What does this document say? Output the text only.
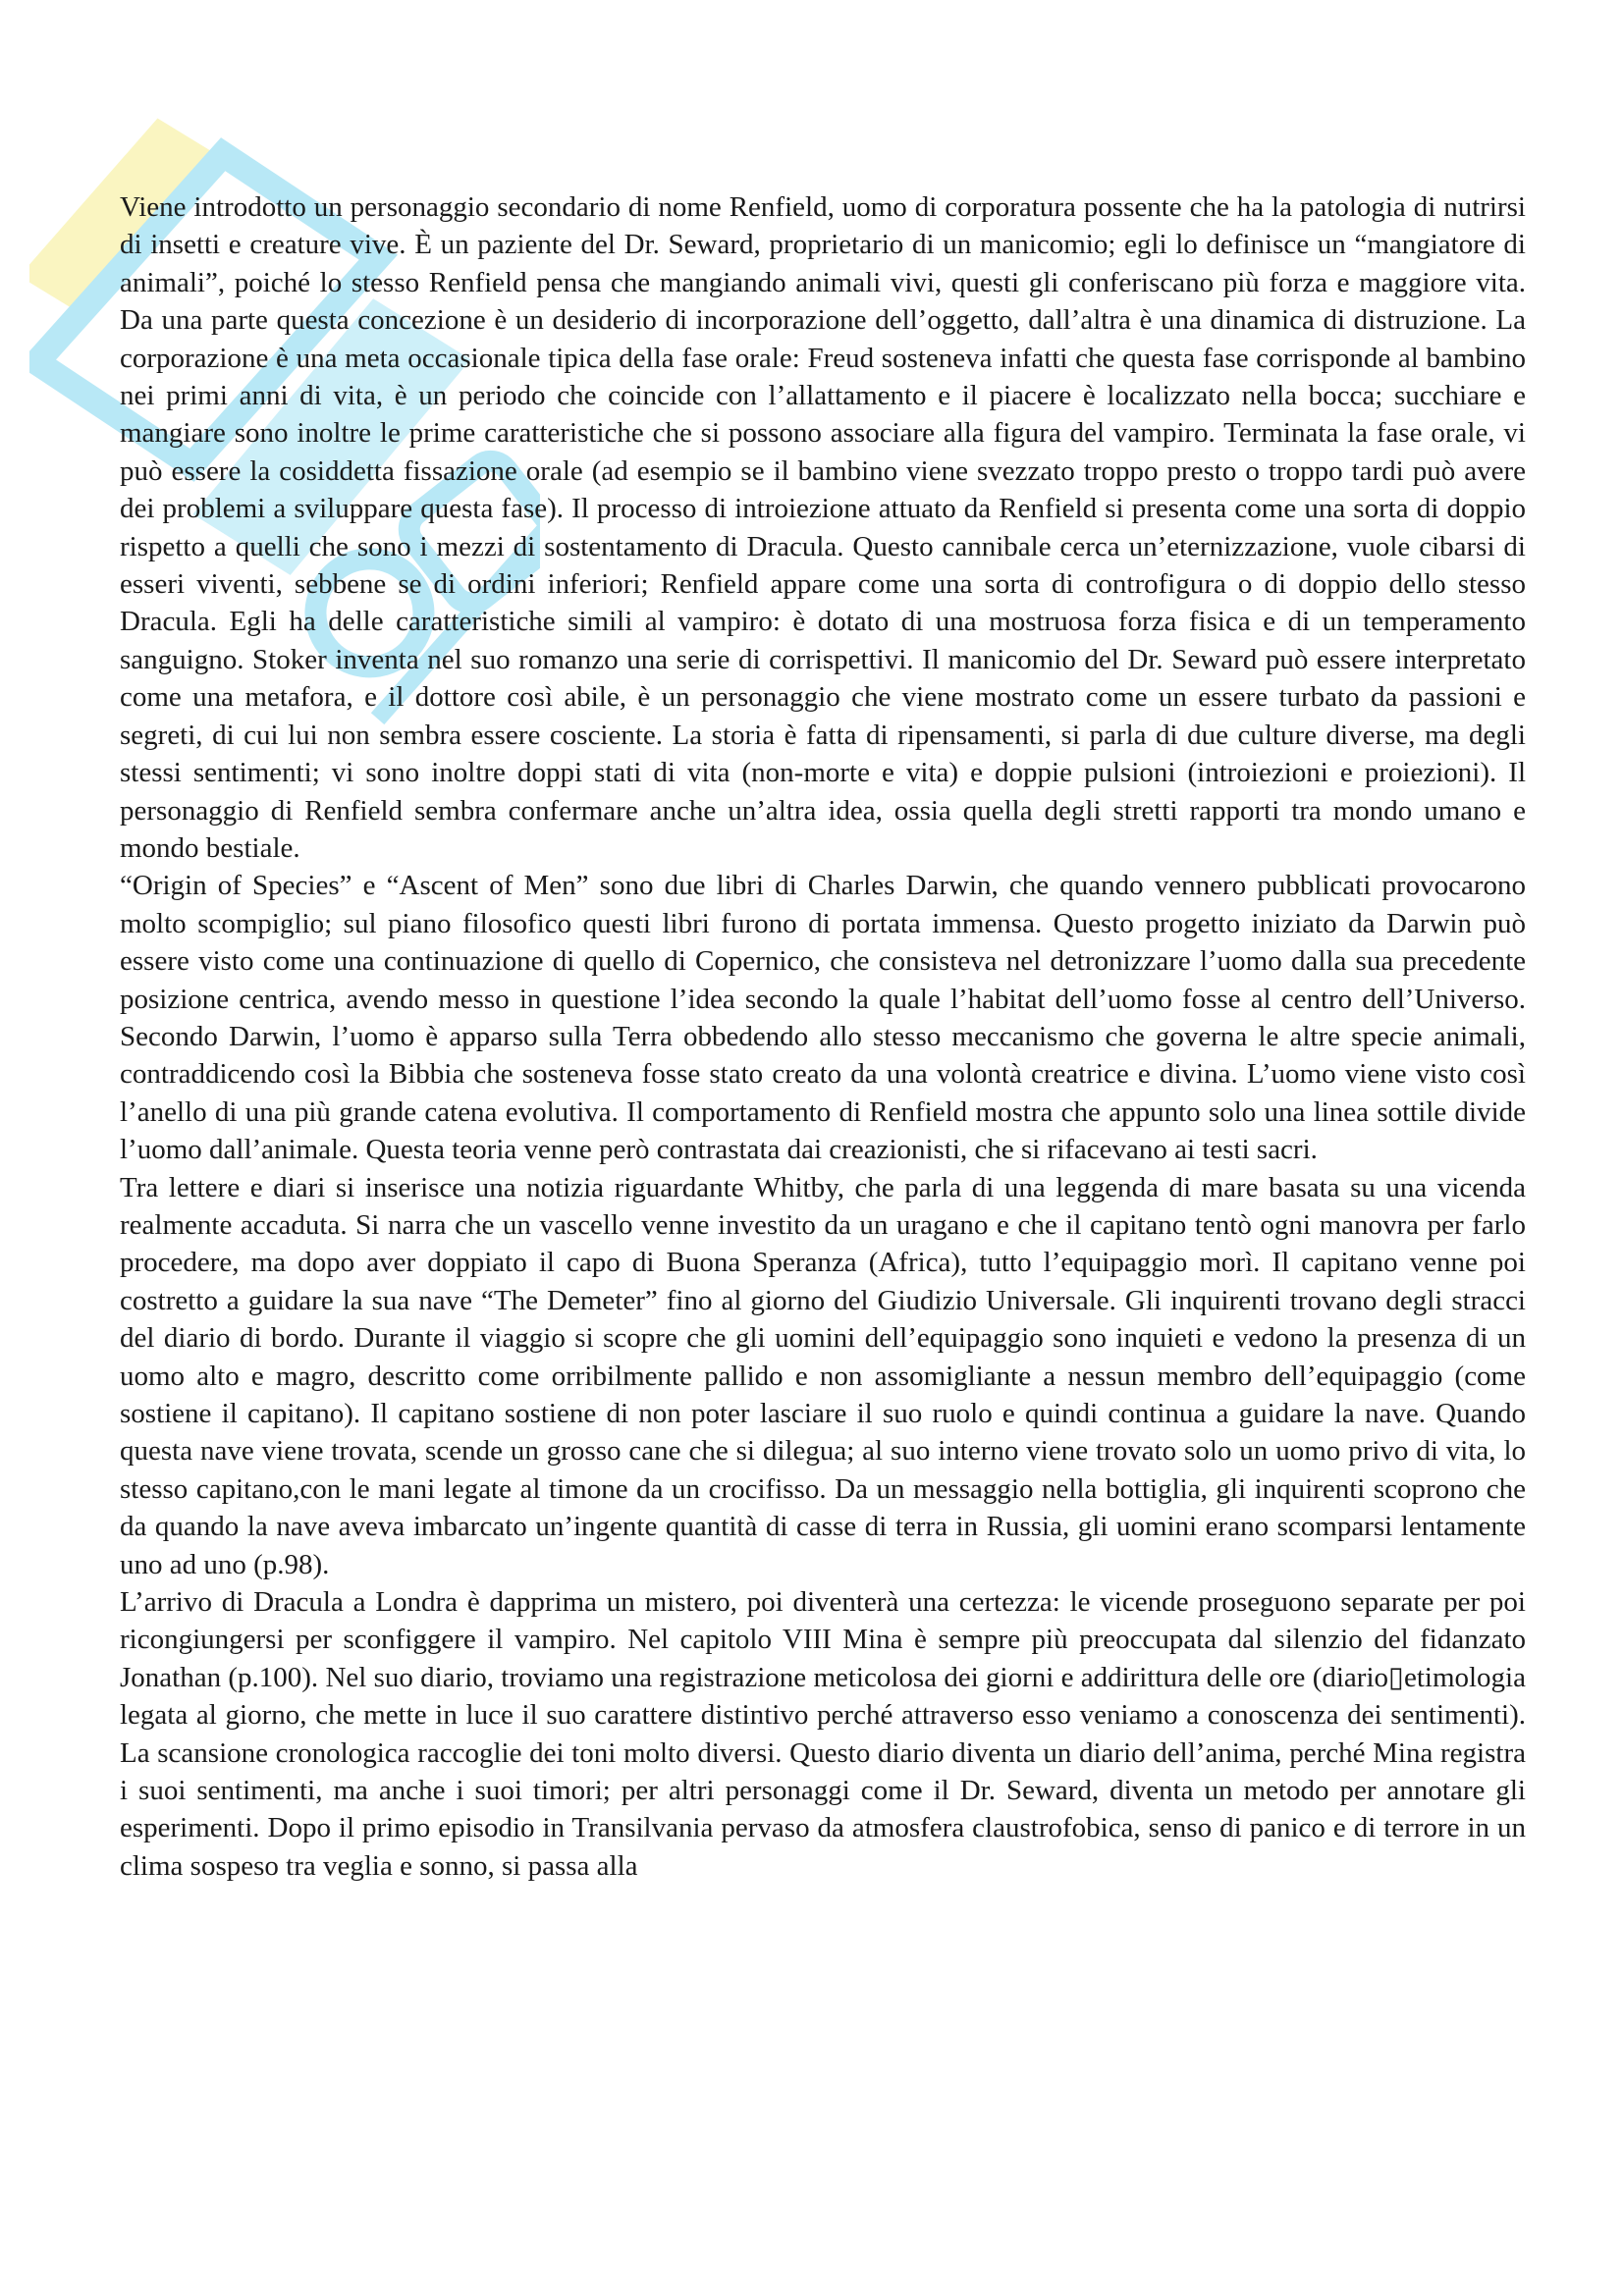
Viene introdotto un personaggio secondario di nome Renfield, uomo di corporatura possente che ha la patologia di nutrirsi di insetti e creature vive. È un paziente del Dr. Seward, proprietario di un manicomio; egli lo definisce un “mangiatore di animali”, poiché lo stesso Renfield pensa che mangiando animali vivi, questi gli conferiscano più forza e maggiore vita. Da una parte questa concezione è un desiderio di incorporazione dell’oggetto, dall’altra è una dinamica di distruzione. La corporazione è una meta occasionale tipica della fase orale: Freud sosteneva infatti che questa fase corrisponde al bambino nei primi anni di vita, è un periodo che coincide con l’allattamento e il piacere è localizzato nella bocca; succhiare e mangiare sono inoltre le prime caratteristiche che si possono associare alla figura del vampiro. Terminata la fase orale, vi può essere la cosiddetta fissazione orale (ad esempio se il bambino viene svezzato troppo presto o troppo tardi può avere dei problemi a sviluppare questa fase). Il processo di introiezione attuato da Renfield si presenta come una sorta di doppio rispetto a quelli che sono i mezzi di sostentamento di Dracula. Questo cannibale cerca un’eternizzazione, vuole cibarsi di esseri viventi, sebbene se di ordini inferiori; Renfield appare come una sorta di controfigura o di doppio dello stesso Dracula. Egli ha delle caratteristiche simili al vampiro: è dotato di una mostruosa forza fisica e di un temperamento sanguigno. Stoker inventa nel suo romanzo una serie di corrispettivi. Il manicomio del Dr. Seward può essere interpretato come una metafora, e il dottore così abile, è un personaggio che viene mostrato come un essere turbato da passioni e segreti, di cui lui non sembra essere cosciente. La storia è fatta di ripensamenti, si parla di due culture diverse, ma degli stessi sentimenti; vi sono inoltre doppi stati di vita (non-morte e vita) e doppie pulsioni (introiezioni e proiezioni). Il personaggio di Renfield sembra confermare anche un’altra idea, ossia quella degli stretti rapporti tra mondo umano e mondo bestiale.

“Origin of Species” e “Ascent of Men” sono due libri di Charles Darwin, che quando vennero pubblicati provocarono molto scompiglio; sul piano filosofico questi libri furono di portata immensa. Questo progetto iniziato da Darwin può essere visto come una continuazione di quello di Copernico, che consisteva nel detronizzare l’uomo dalla sua precedente posizione centrica, avendo messo in questione l’idea secondo la quale l’habitat dell’uomo fosse al centro dell’Universo. Secondo Darwin, l’uomo è apparso sulla Terra obbedendo allo stesso meccanismo che governa le altre specie animali, contraddicendo così la Bibbia che sosteneva fosse stato creato da una volontà creatrice e divina. L’uomo viene visto così l’anello di una più grande catena evolutiva. Il comportamento di Renfield mostra che appunto solo una linea sottile divide l’uomo dall’animale. Questa teoria venne però contrastata dai creazionisti, che si rifacevano ai testi sacri.

Tra lettere e diari si inserisce una notizia riguardante Whitby, che parla di una leggenda di mare basata su una vicenda realmente accaduta. Si narra che un vascello venne investito da un uragano e che il capitano tentò ogni manovra per farlo procedere, ma dopo aver doppiato il capo di Buona Speranza (Africa), tutto l’equipaggio morì. Il capitano venne poi costretto a guidare la sua nave “The Demeter” fino al giorno del Giudizio Universale. Gli inquirenti trovano degli stracci del diario di bordo. Durante il viaggio si scopre che gli uomini dell’equipaggio sono inquieti e vedono la presenza di un uomo alto e magro, descritto come orribilmente pallido e non assomigliante a nessun membro dell’equipaggio (come sostiene il capitano). Il capitano sostiene di non poter lasciare il suo ruolo e quindi continua a guidare la nave. Quando questa nave viene trovata, scende un grosso cane che si dilegua; al suo interno viene trovato solo un uomo privo di vita, lo stesso capitano,con le mani legate al timone da un crocifisso. Da un messaggio nella bottiglia, gli inquirenti scoprono che da quando la nave aveva imbarcato un’ingente quantità di casse di terra in Russia, gli uomini erano scomparsi lentamente uno ad uno (p.98).

L’arrivo di Dracula a Londra è dapprima un mistero, poi diventerà una certezza: le vicende proseguono separate per poi ricongiungersi per sconfiggere il vampiro. Nel capitolo VIII Mina è sempre più preoccupata dal silenzio del fidanzato Jonathan (p.100). Nel suo diario, troviamo una registrazione meticolosa dei giorni e addirittura delle ore (diario▯etimologia legata al giorno, che mette in luce il suo carattere distintivo perché attraverso esso veniamo a conoscenza dei sentimenti). La scansione cronologica raccoglie dei toni molto diversi. Questo diario diventa un diario dell’anima, perché Mina registra i suoi sentimenti, ma anche i suoi timori; per altri personaggi come il Dr. Seward, diventa un metodo per annotare gli esperimenti. Dopo il primo episodio in Transilvania pervaso da atmosfera claustrofobica, senso di panico e di terrore in un clima sospeso tra veglia e sonno, si passa alla
